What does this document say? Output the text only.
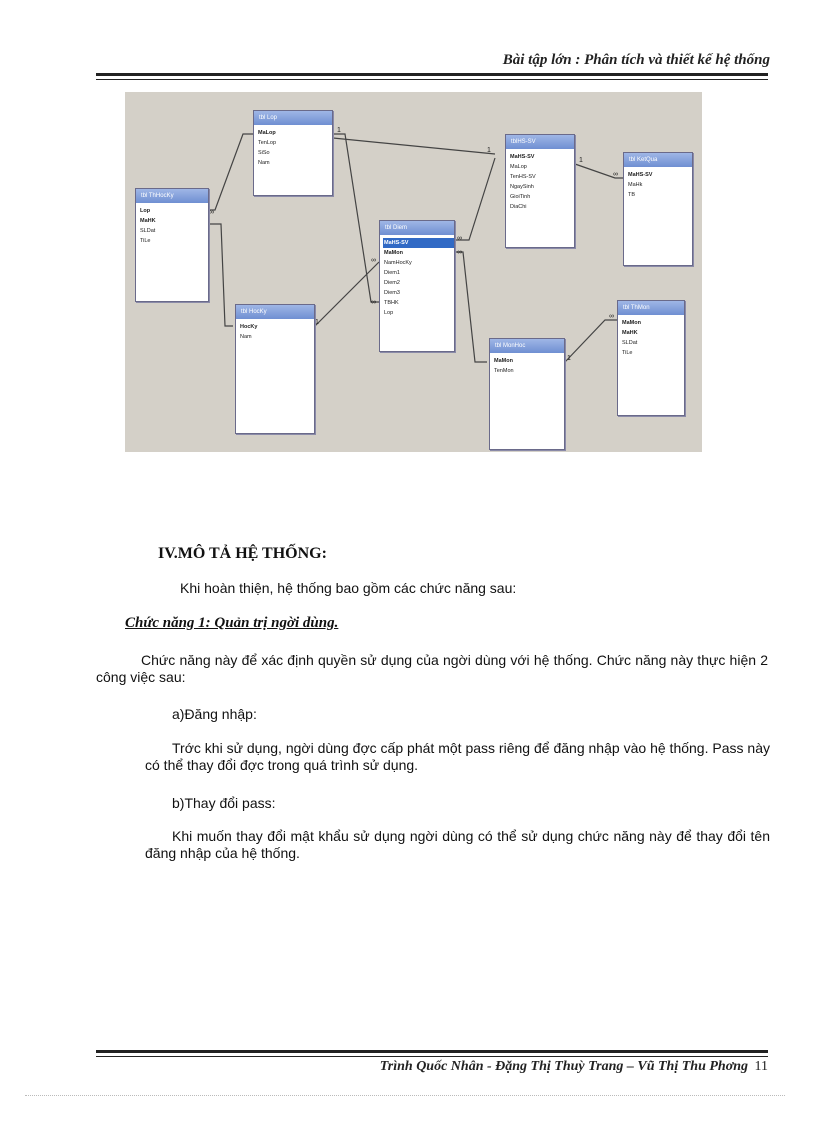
Bài tập lớn : Phân tích và thiết kế hệ thống
1
∞
∞
∞
1
∞
∞
1
1
∞
1
∞
tbl Lop
MaLop
TenLop
SiSo
Nam
tbl ThHocKy
Lop
MaHK
SLDat
TiLe
tbl HocKy
HocKy
Nam
tbl Diem
MaHS-SV
MaMon
NamHocKy
Diem1
Diem2
Diem3
TBHK
Lop
tblHS-SV
MaHS-SV
MaLop
TenHS-SV
NgaySinh
GioiTinh
DiaChi
tbl KetQua
MaHS-SV
MaHk
TB
tbl MonHoc
MaMon
TenMon
tbl ThMon
MaMon
MaHK
SLDat
TiLe
IV.MÔ TẢ HỆ THỐNG:
Khi hoàn thiện, hệ thống bao gồm các chức năng sau:
Chức năng 1: Quản trị ngời dùng.
Chức năng này để xác định quyền sử dụng của ngời dùng với hệ thống. Chức năng này thực hiện 2 công việc sau:
a)Đăng nhập:
Trớc khi sử dụng, ngời dùng đợc cấp phát một pass riêng để đăng nhập vào hệ thống. Pass này có thể thay đổi đợc trong quá trình sử dụng.
b)Thay đổi pass:
Khi muốn thay đổi mật khẩu sử dụng ngời dùng có thể sử dụng chức năng này để thay đổi tên đăng nhập của hệ thống.
Trình Quốc Nhân - Đặng Thị Thuỳ Trang – Vũ Thị Thu Phơng 11
